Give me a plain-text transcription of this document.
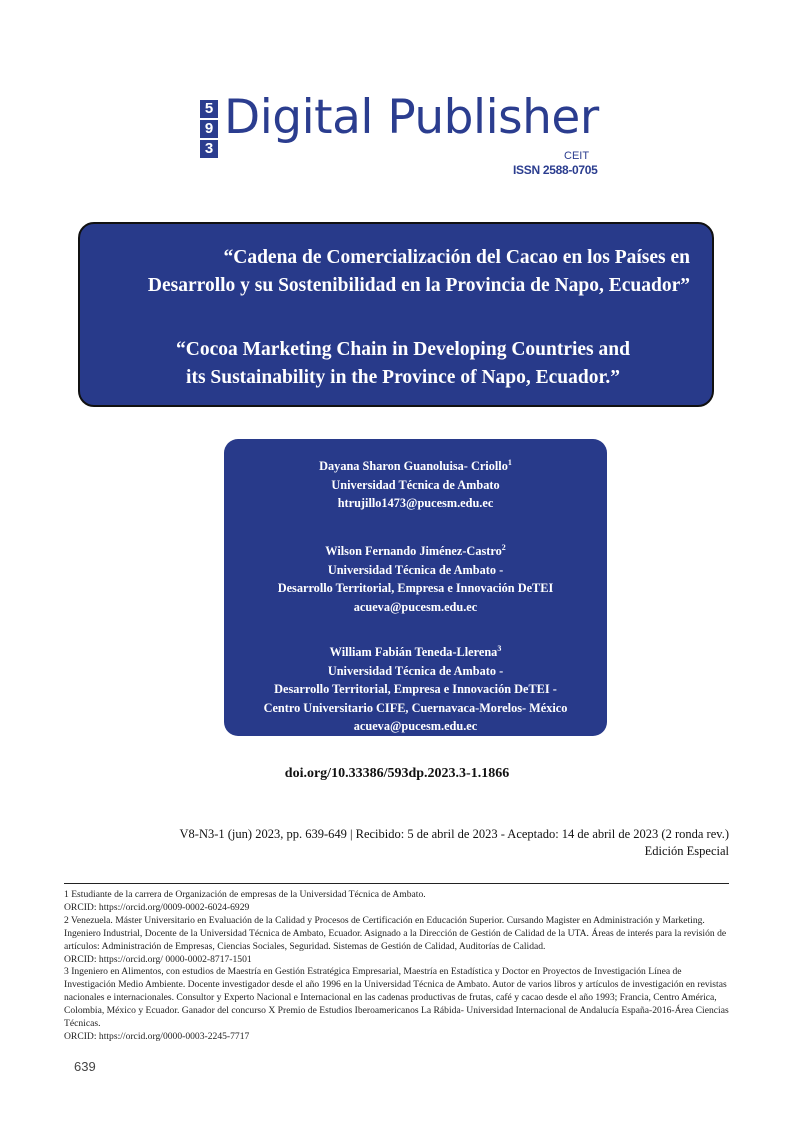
5
9
3
Digital Publisher
CEIT
ISSN 2588-0705
“Cadena de Comercialización del Cacao en los Países en
Desarrollo y su Sostenibilidad en la Provincia de Napo, Ecuador”
“Cocoa Marketing Chain in Developing Countries and
its Sustainability in the Province of Napo, Ecuador.”
Dayana Sharon Guanoluisa- Criollo$^1$
Universidad Técnica de Ambato
htrujillo1473@pucesm.edu.ec
Wilson Fernando Jiménez-Castro$^2$
Universidad Técnica de Ambato -
Desarrollo Territorial, Empresa e Innovación DeTEI
acueva@pucesm.edu.ec
William Fabián Teneda-Llerena$^3$
Universidad Técnica de Ambato -
Desarrollo Territorial, Empresa e Innovación DeTEI -
Centro Universitario CIFE, Cuernavaca-Morelos- México
acueva@pucesm.edu.ec
doi.org/10.33386/593dp.2023.3-1.1866
V8-N3-1 (jun) 2023, pp. 639-649 | Recibido: 5 de abril de 2023 - Aceptado: 14 de abril de 2023 (2 ronda rev.)
Edición Especial

1 Estudiante de la carrera de Organización de empresas de la Universidad Técnica de Ambato.

ORCID: https://orcid.org/0009-0002-6024-6929

2 Venezuela. Máster Universitario en Evaluación de la Calidad y Procesos de Certificación en Educación Superior. Cursando Magister en Administración y Marketing. Ingeniero Industrial, Docente de la Universidad Técnica de Ambato, Ecuador. Asignado a la Dirección de Gestión de Calidad de la UTA. Áreas de interés para la revisión de artículos: Administración de Empresas, Ciencias Sociales, Seguridad. Sistemas de Gestión de Calidad, Auditorías de Calidad.

ORCID: https://orcid.org/ 0000-0002-8717-1501

3 Ingeniero en Alimentos, con estudios de Maestría en Gestión Estratégica Empresarial, Maestría en Estadística y Doctor en Proyectos de Investigación Línea de Investigación Medio Ambiente. Docente investigador desde el año 1996 en la Universidad Técnica de Ambato. Autor de varios libros y artículos de investigación en revistas nacionales e internacionales. Consultor y Experto Nacional e Internacional en las cadenas productivas de frutas, café y cacao desde el año 1993; Francia, Centro América, Colombia, México y Ecuador. Ganador del concurso X Premio de Estudios Iberoamericanos La Rábida- Universidad Internacional de Andalucía España-2016-Área Ciencias Técnicas.

ORCID: https://orcid.org/0000-0003-2245-7717

639
